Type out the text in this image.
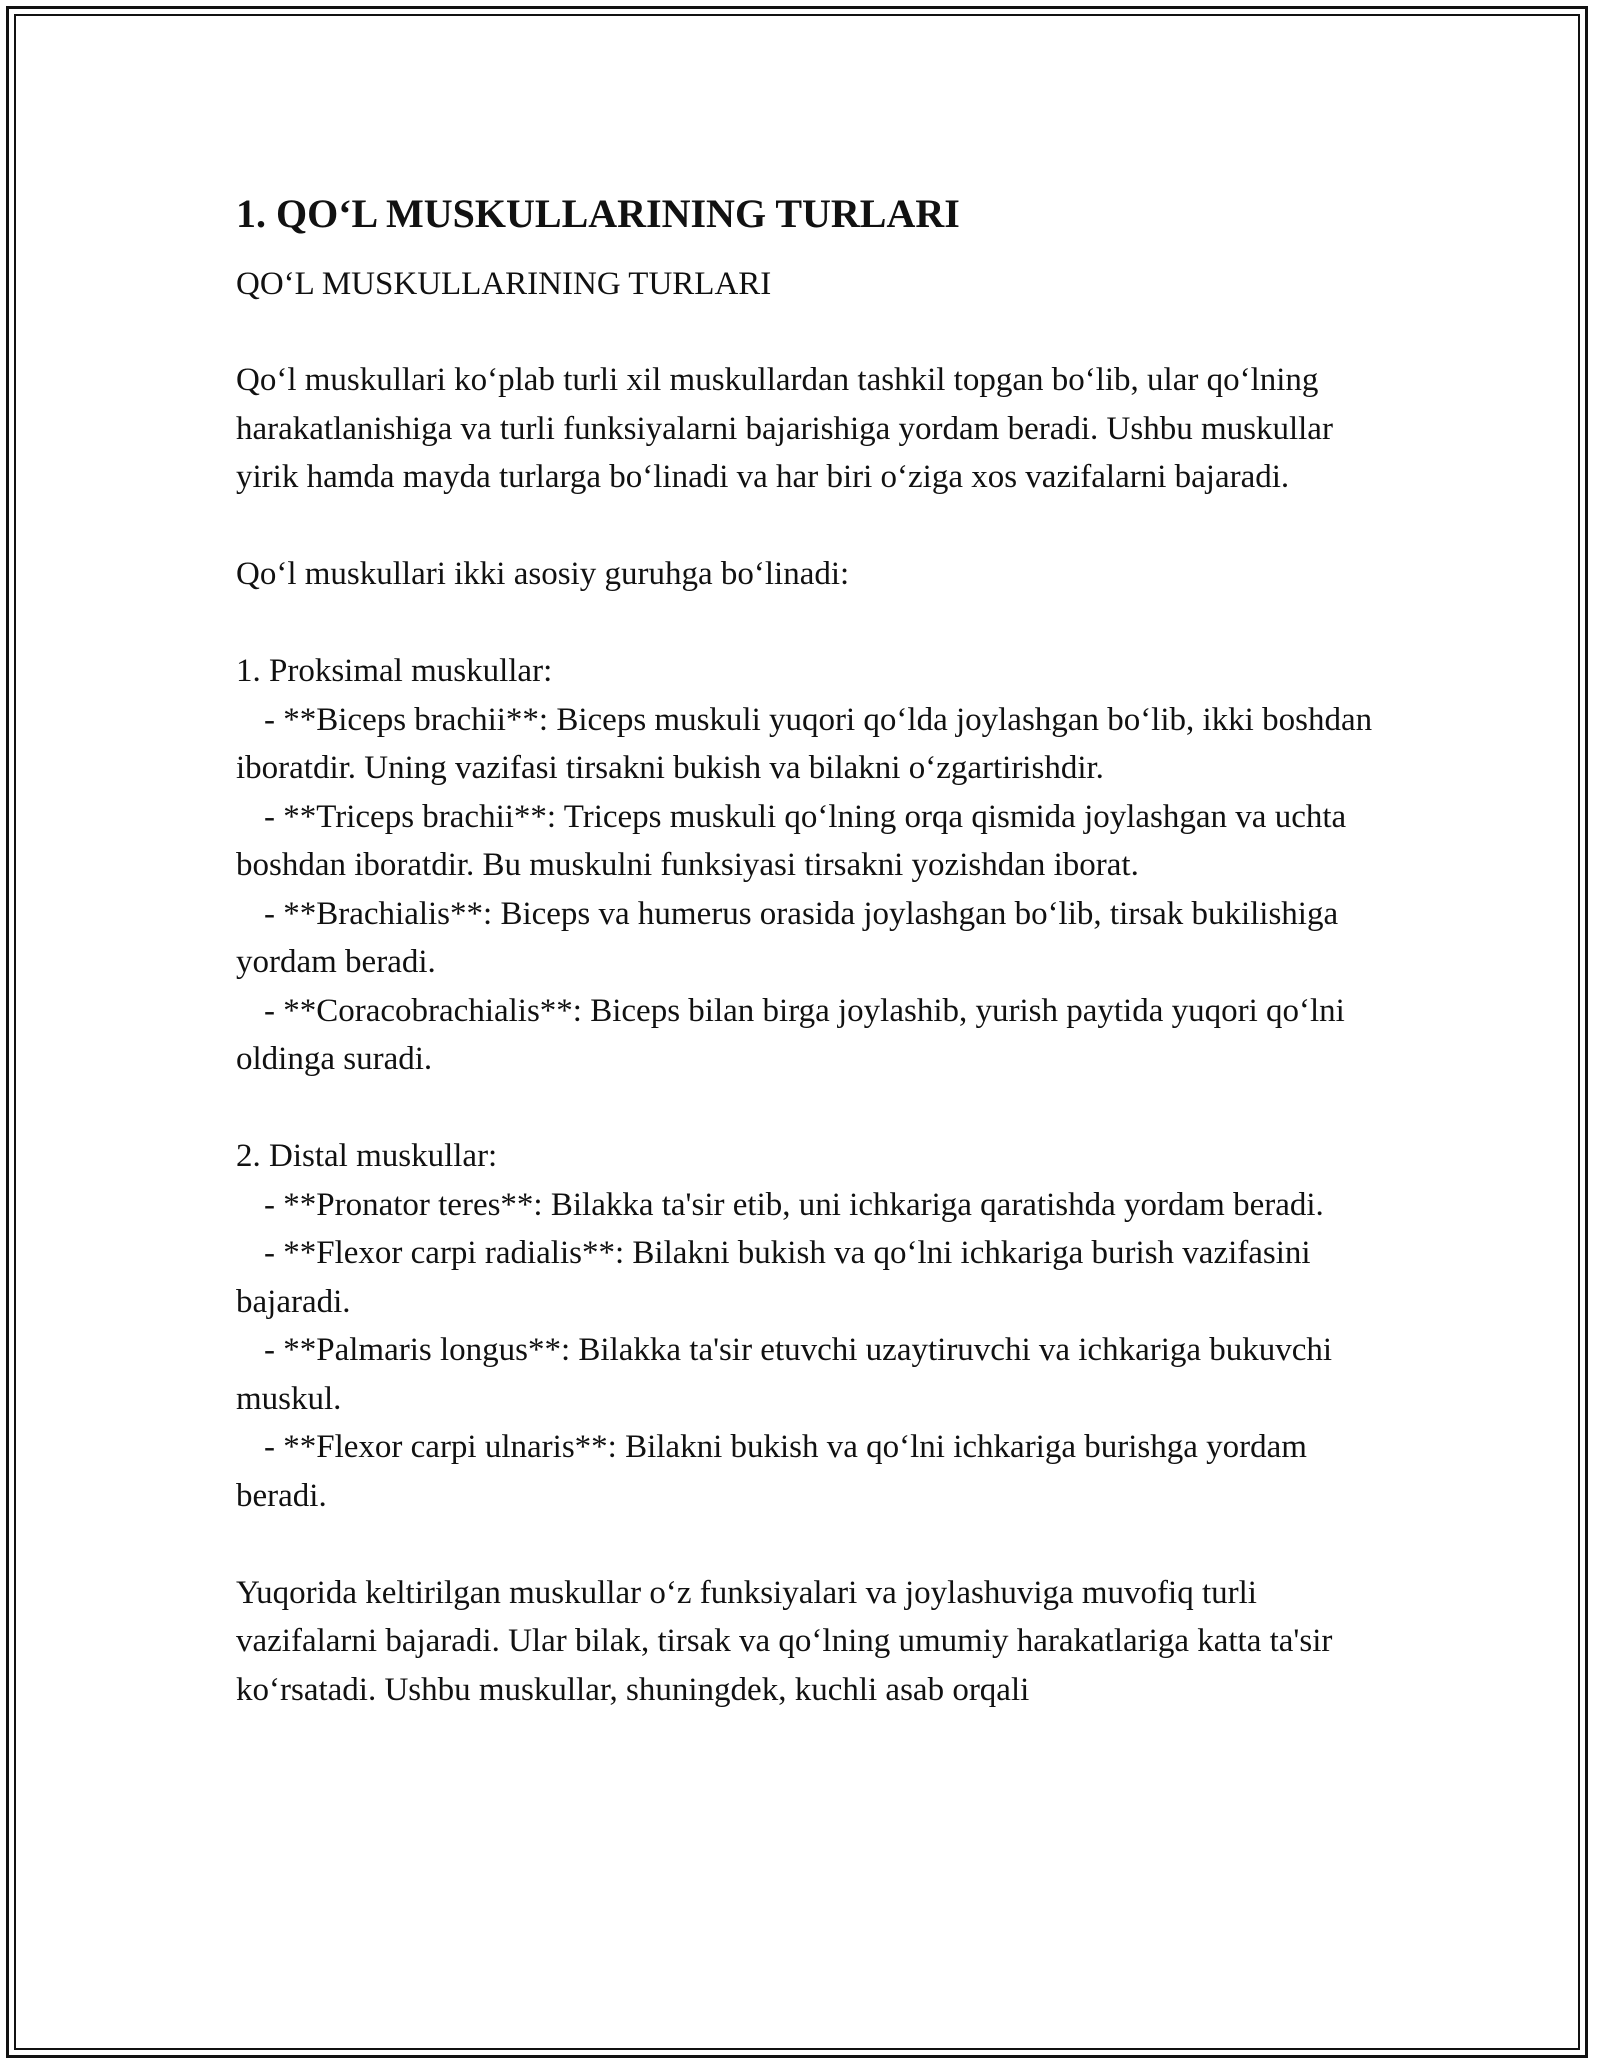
1. QO‘L MUSKULLARINING TURLARI

QO‘L MUSKULLARINING TURLARI

Qo‘l muskullari ko‘plab turli xil muskullardan tashkil topgan bo‘lib, ular qo‘lning harakatlanishiga va turli funksiyalarni bajarishiga yordam beradi. Ushbu muskullar yirik hamda mayda turlarga bo‘linadi va har biri o‘ziga xos vazifalarni bajaradi.

Qo‘l muskullari ikki asosiy guruhga bo‘linadi:

1. Proksimal muskullar:

- **Biceps brachii**: Biceps muskuli yuqori qo‘lda joylashgan bo‘lib, ikki boshdan iboratdir. Uning vazifasi tirsakni bukish va bilakni o‘zgartirishdir.

- **Triceps brachii**: Triceps muskuli qo‘lning orqa qismida joylashgan va uchta boshdan iboratdir. Bu muskulni funksiyasi tirsakni yozishdan iborat.

- **Brachialis**: Biceps va humerus orasida joylashgan bo‘lib, tirsak bukilishiga yordam beradi.

- **Coracobrachialis**: Biceps bilan birga joylashib, yurish paytida yuqori qo‘lni oldinga suradi.

2. Distal muskullar:

- **Pronator teres**: Bilakka ta'sir etib, uni ichkariga qaratishda yordam beradi.

- **Flexor carpi radialis**: Bilakni bukish va qo‘lni ichkariga burish vazifasini bajaradi.

- **Palmaris longus**: Bilakka ta'sir etuvchi uzaytiruvchi va ichkariga bukuvchi muskul.

- **Flexor carpi ulnaris**: Bilakni bukish va qo‘lni ichkariga burishga yordam beradi.

Yuqorida keltirilgan muskullar o‘z funksiyalari va joylashuviga muvofiq turli vazifalarni bajaradi. Ular bilak, tirsak va qo‘lning umumiy harakatlariga katta ta'sir ko‘rsatadi. Ushbu muskullar, shuningdek, kuchli asab orqali
